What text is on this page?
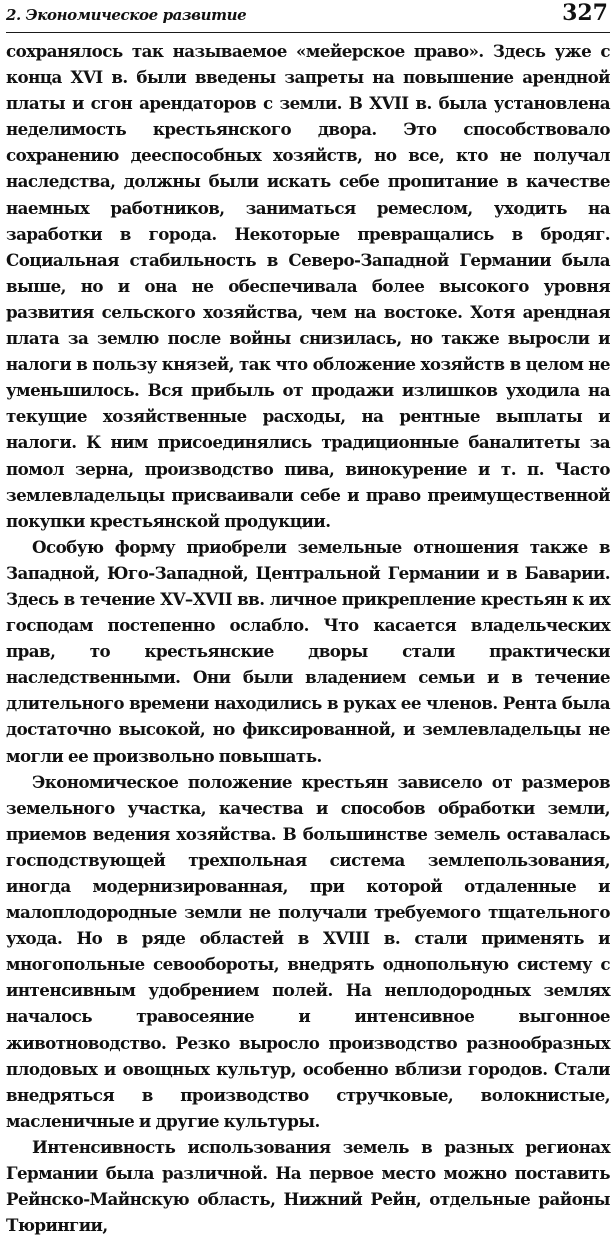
2. Экономическое развитие	327

сохранялось так называемое «мейерское право». Здесь уже с конца XVI в. были введены запреты на повышение арендной платы и сгон арендаторов с земли. В XVII в. была установлена неделимость крестьянского двора. Это способствовало сохранению дееспособных хозяйств, но все, кто не получал наследства, должны были искать себе пропитание в качестве наемных работников, заниматься ремеслом, уходить на заработки в города. Некоторые превращались в бродяг. Социальная стабильность в Северо-Западной Германии была выше, но и она не обеспечивала более высокого уровня развития сельского хозяйства, чем на востоке. Хотя арендная плата за землю после войны снизилась, но также выросли и налоги в пользу князей, так что обложение хозяйств в целом не уменьшилось. Вся прибыль от продажи излишков уходила на текущие хозяйственные расходы, на рентные выплаты и налоги. К ним присоединялись традиционные баналитеты за помол зерна, производство пива, винокурение и т. п. Часто землевладельцы присваивали себе и право преимущественной покупки крестьянской продукции.

Особую форму приобрели земельные отношения также в Западной, Юго-Западной, Центральной Германии и в Баварии. Здесь в течение XV–XVII вв. личное прикрепление крестьян к их господам постепенно ослабло. Что касается владельческих прав, то крестьянские дворы стали практически наследственными. Они были владением семьи и в течение длительного времени находились в руках ее членов. Рента была достаточно высокой, но фиксированной, и землевладельцы не могли ее произвольно повышать.

Экономическое положение крестьян зависело от размеров земельного участка, качества и способов обработки земли, приемов ведения хозяйства. В большинстве земель оставалась господствующей трехпольная система землепользования, иногда модернизированная, при которой отдаленные и малоплодородные земли не получали требуемого тщательного ухода. Но в ряде областей в XVIII в. стали применять и многопольные севообороты, внедрять однопольную систему с интенсивным удобрением полей. На неплодородных землях началось травосеяние и интенсивное выгонное животноводство. Резко выросло производство разнообразных плодовых и овощных культур, особенно вблизи городов. Стали внедряться в производство стручковые, волокнистые, масленичные и другие культуры.

Интенсивность использования земель в разных регионах Германии была различной. На первое место можно поставить Рейнско-Майнскую область, Нижний Рейн, отдельные районы Тюрингии,
